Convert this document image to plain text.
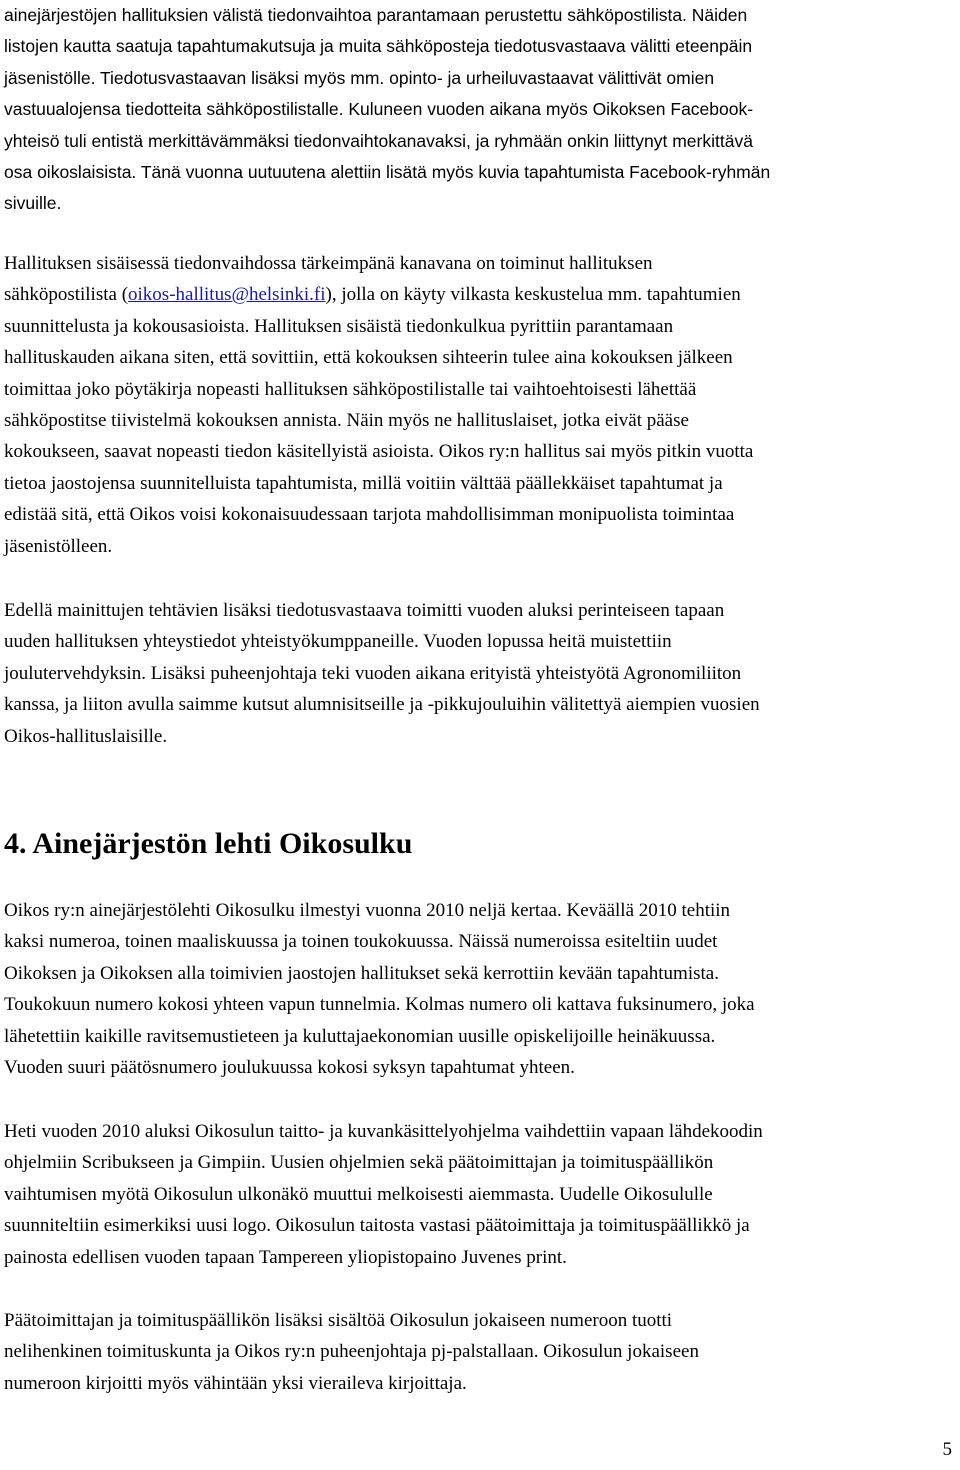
ainejärjestöjen hallituksien välistä tiedonvaihtoa parantamaan perustettu sähköpostilista. Näiden
listojen kautta saatuja tapahtumakutsuja ja muita sähköposteja tiedotusvastaava välitti eteenpäin
jäsenistölle. Tiedotusvastaavan lisäksi myös mm. opinto- ja urheiluvastaavat välittivät omien
vastuualojensa tiedotteita sähköpostilistalle. Kuluneen vuoden aikana myös Oikoksen Facebook-
yhteisö tuli entistä merkittävämmäksi tiedonvaihtokanavaksi, ja ryhmään onkin liittynyt merkittävä
osa oikoslaisista. Tänä vuonna uutuutena alettiin lisätä myös kuvia tapahtumista Facebook-ryhmän
sivuille.
Hallituksen sisäisessä tiedonvaihdossa tärkeimpänä kanavana on toiminut hallituksen
sähköpostilista (oikos-hallitus@helsinki.fi), jolla on käyty vilkasta keskustelua mm. tapahtumien
suunnittelusta ja kokousasioista. Hallituksen sisäistä tiedonkulkua pyrittiin parantamaan
hallituskauden aikana siten, että sovittiin, että kokouksen sihteerin tulee aina kokouksen jälkeen
toimittaa joko pöytäkirja nopeasti hallituksen sähköpostilistalle tai vaihtoehtoisesti lähettää
sähköpostitse tiivistelmä kokouksen annista. Näin myös ne hallituslaiset, jotka eivät pääse
kokoukseen, saavat nopeasti tiedon käsitellyistä asioista. Oikos ry:n hallitus sai myös pitkin vuotta
tietoa jaostojensa suunnitelluista tapahtumista, millä voitiin välttää päällekkäiset tapahtumat ja
edistää sitä, että Oikos voisi kokonaisuudessaan tarjota mahdollisimman monipuolista toimintaa
jäsenistölleen.
Edellä mainittujen tehtävien lisäksi tiedotusvastaava toimitti vuoden aluksi perinteiseen tapaan
uuden hallituksen yhteystiedot yhteistyökumppaneille. Vuoden lopussa heitä muistettiin
joulutervehdyksin. Lisäksi puheenjohtaja teki vuoden aikana erityistä yhteistyötä Agronomiliiton
kanssa, ja liiton avulla saimme kutsut alumnisitseille ja -pikkujouluihin välitettyä aiempien vuosien
Oikos-hallituslaisille.
4. Ainejärjestön lehti Oikosulku
Oikos ry:n ainejärjestölehti Oikosulku ilmestyi vuonna 2010 neljä kertaa. Keväällä 2010 tehtiin
kaksi numeroa, toinen maaliskuussa ja toinen toukokuussa. Näissä numeroissa esiteltiin uudet
Oikoksen ja Oikoksen alla toimivien jaostojen hallitukset sekä kerrottiin kevään tapahtumista.
Toukokuun numero kokosi yhteen vapun tunnelmia. Kolmas numero oli kattava fuksinumero, joka
lähetettiin kaikille ravitsemustieteen ja kuluttajaekonomian uusille opiskelijoille heinäkuussa.
Vuoden suuri päätösnumero joulukuussa kokosi syksyn tapahtumat yhteen.
Heti vuoden 2010 aluksi Oikosulun taitto- ja kuvankäsittelyohjelma vaihdettiin vapaan lähdekoodin
ohjelmiin Scribukseen ja Gimpiin. Uusien ohjelmien sekä päätoimittajan ja toimituspäällikön
vaihtumisen myötä Oikosulun ulkonäkö muuttui melkoisesti aiemmasta. Uudelle Oikosululle
suunniteltiin esimerkiksi uusi logo. Oikosulun taitosta vastasi päätoimittaja ja toimituspäällikkö ja
painosta edellisen vuoden tapaan Tampereen yliopistopaino Juvenes print.
Päätoimittajan ja toimituspäällikön lisäksi sisältöä Oikosulun jokaiseen numeroon tuotti
nelihenkinen toimituskunta ja Oikos ry:n puheenjohtaja pj-palstallaan. Oikosulun jokaiseen
numeroon kirjoitti myös vähintään yksi vieraileva kirjoittaja.
5
